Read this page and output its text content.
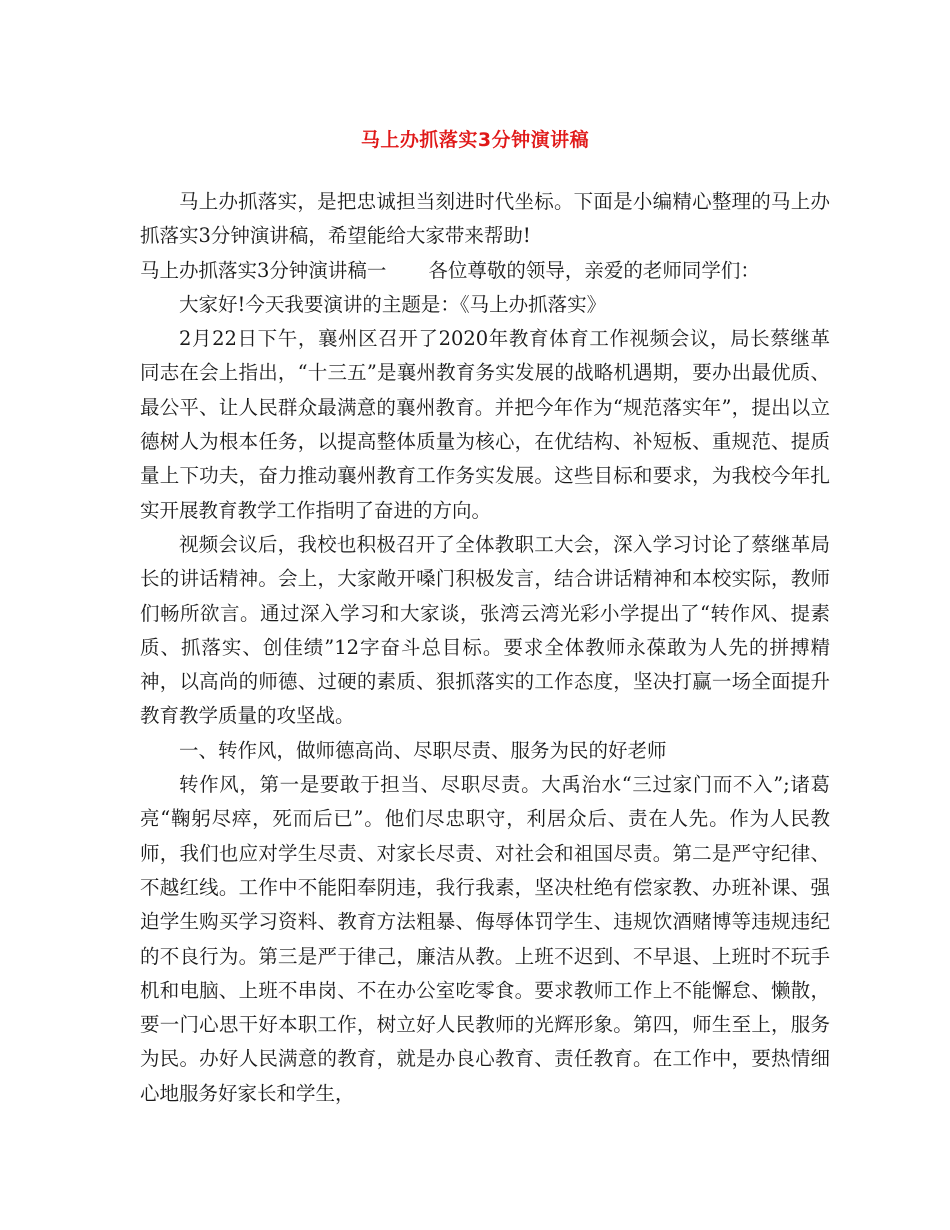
马上办抓落实3分钟演讲稿

马上办抓落实，是把忠诚担当刻进时代坐标。下面是小编精心整理的马上办抓落实3分钟演讲稿，希望能给大家带来帮助!

马上办抓落实3分钟演讲稿一 各位尊敬的领导，亲爱的老师同学们：

大家好!今天我要演讲的主题是：《马上办抓落实》

2月22日下午，襄州区召开了2020年教育体育工作视频会议，局长蔡继革同志在会上指出，“十三五”是襄州教育务实发展的战略机遇期，要办出最优质、最公平、让人民群众最满意的襄州教育。并把今年作为“规范落实年”，提出以立德树人为根本任务，以提高整体质量为核心，在优结构、补短板、重规范、提质量上下功夫，奋力推动襄州教育工作务实发展。这些目标和要求，为我校今年扎实开展教育教学工作指明了奋进的方向。

视频会议后，我校也积极召开了全体教职工大会，深入学习讨论了蔡继革局长的讲话精神。会上，大家敞开嗓门积极发言，结合讲话精神和本校实际，教师们畅所欲言。通过深入学习和大家谈，张湾云湾光彩小学提出了“转作风、提素质、抓落实、创佳绩”12字奋斗总目标。要求全体教师永葆敢为人先的拼搏精神，以高尚的师德、过硬的素质、狠抓落实的工作态度，坚决打赢一场全面提升教育教学质量的攻坚战。

一、转作风，做师德高尚、尽职尽责、服务为民的好老师

转作风，第一是要敢于担当、尽职尽责。大禹治水“三过家门而不入”;诸葛亮“鞠躬尽瘁，死而后已”。他们尽忠职守，利居众后、责在人先。作为人民教师，我们也应对学生尽责、对家长尽责、对社会和祖国尽责。第二是严守纪律、不越红线。工作中不能阳奉阴违，我行我素，坚决杜绝有偿家教、办班补课、强迫学生购买学习资料、教育方法粗暴、侮辱体罚学生、违规饮酒赌博等违规违纪的不良行为。第三是严于律己，廉洁从教。上班不迟到、不早退、上班时不玩手机和电脑、上班不串岗、不在办公室吃零食。要求教师工作上不能懈怠、懒散，要一门心思干好本职工作，树立好人民教师的光辉形象。第四，师生至上，服务为民。办好人民满意的教育，就是办良心教育、责任教育。在工作中，要热情细心地服务好家长和学生，
